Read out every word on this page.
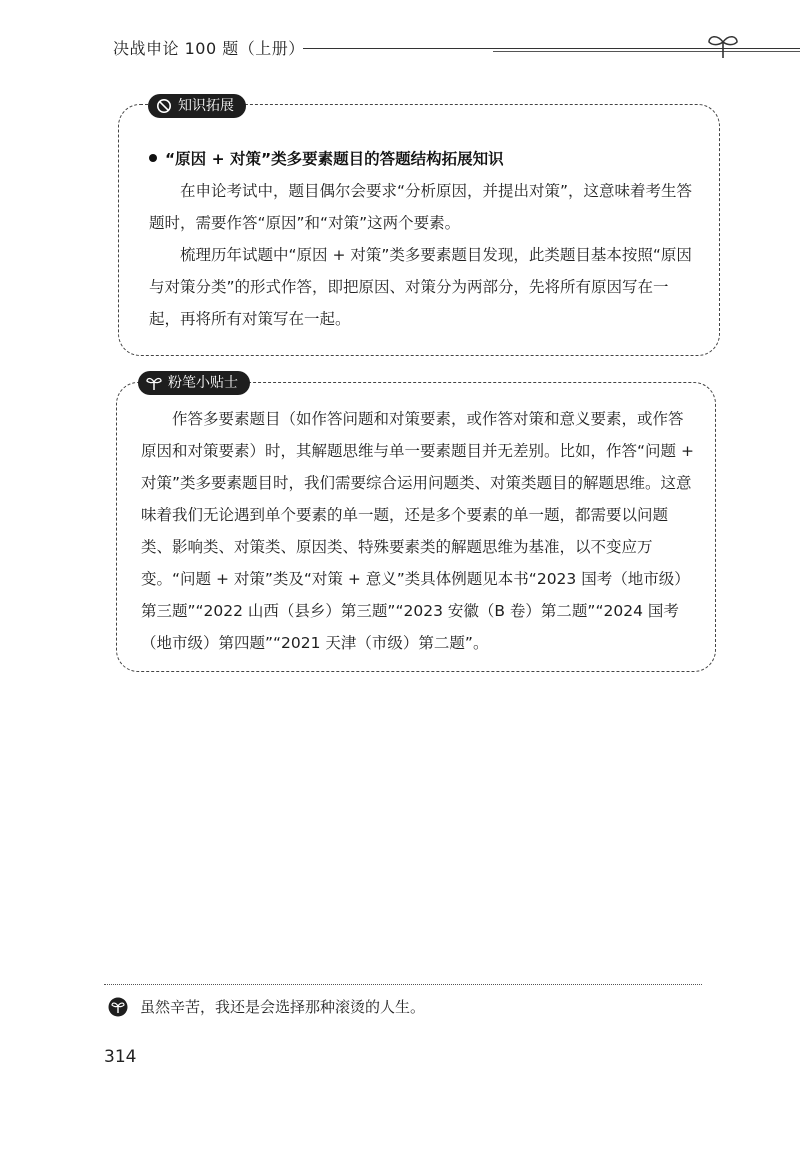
决战申论 100 题（上册）
“原因 + 对策”类多要素题目的答题结构拓展知识

在申论考试中，题目偶尔会要求“分析原因，并提出对策”，这意味着考生答题时，需要作答“原因”和“对策”这两个要素。

梳理历年试题中“原因 + 对策”类多要素题目发现，此类题目基本按照“原因与对策分类”的形式作答，即把原因、对策分为两部分，先将所有原因写在一起，再将所有对策写在一起。

知识拓展

作答多要素题目（如作答问题和对策要素，或作答对策和意义要素，或作答原因和对策要素）时，其解题思维与单一要素题目并无差别。比如，作答“问题 + 对策”类多要素题目时，我们需要综合运用问题类、对策类题目的解题思维。这意味着我们无论遇到单个要素的单一题，还是多个要素的单一题，都需要以问题类、影响类、对策类、原因类、特殊要素类的解题思维为基准，以不变应万变。“问题 + 对策”类及“对策 + 意义”类具体例题见本书“2023 国考（地市级）第三题”“2022 山西（县乡）第三题”“2023 安徽（B 卷）第二题”“2024 国考（地市级）第四题”“2021 天津（市级）第二题”。

粉笔小贴士
虽然辛苦，我还是会选择那种滚烫的人生。
314
